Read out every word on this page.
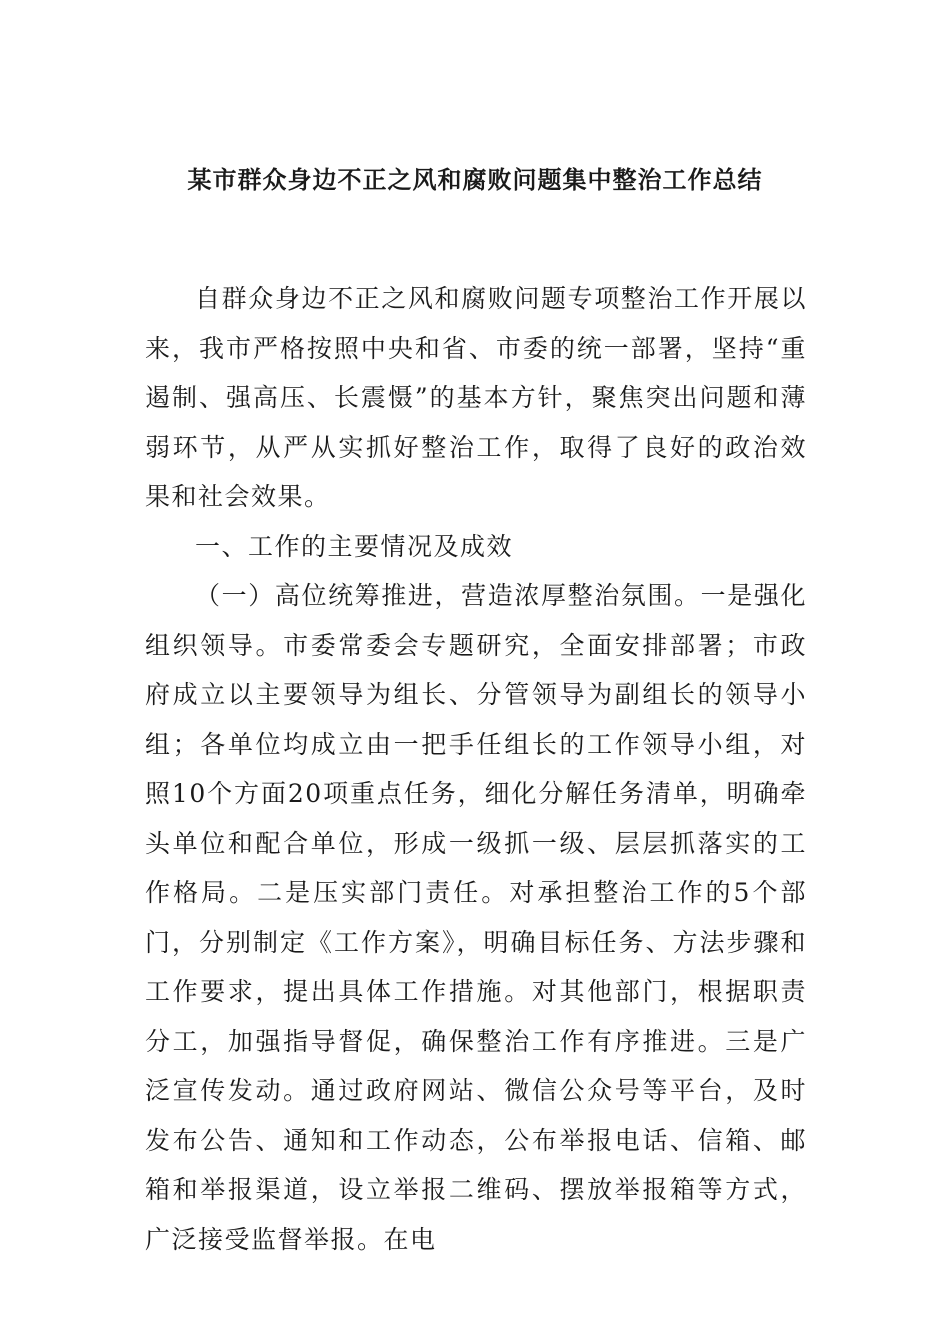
某市群众身边不正之风和腐败问题集中整治工作总结

自群众身边不正之风和腐败问题专项整治工作开展以来，我市严格按照中央和省、市委的统一部署，坚持“重遏制、强高压、长震慑”的基本方针，聚焦突出问题和薄弱环节，从严从实抓好整治工作，取得了良好的政治效果和社会效果。

一、工作的主要情况及成效

（一）高位统筹推进，营造浓厚整治氛围。一是强化组织领导。市委常委会专题研究，全面安排部署；市政府成立以主要领导为组长、分管领导为副组长的领导小组；各单位均成立由一把手任组长的工作领导小组，对照10个方面20项重点任务，细化分解任务清单，明确牵头单位和配合单位，形成一级抓一级、层层抓落实的工作格局。二是压实部门责任。对承担整治工作的5个部门，分别制定《工作方案》，明确目标任务、方法步骤和工作要求，提出具体工作措施。对其他部门，根据职责分工，加强指导督促，确保整治工作有序推进。三是广泛宣传发动。通过政府网站、微信公众号等平台，及时发布公告、通知和工作动态，公布举报电话、信箱、邮箱和举报渠道，设立举报二维码、摆放举报箱等方式，广泛接受监督举报。在电
